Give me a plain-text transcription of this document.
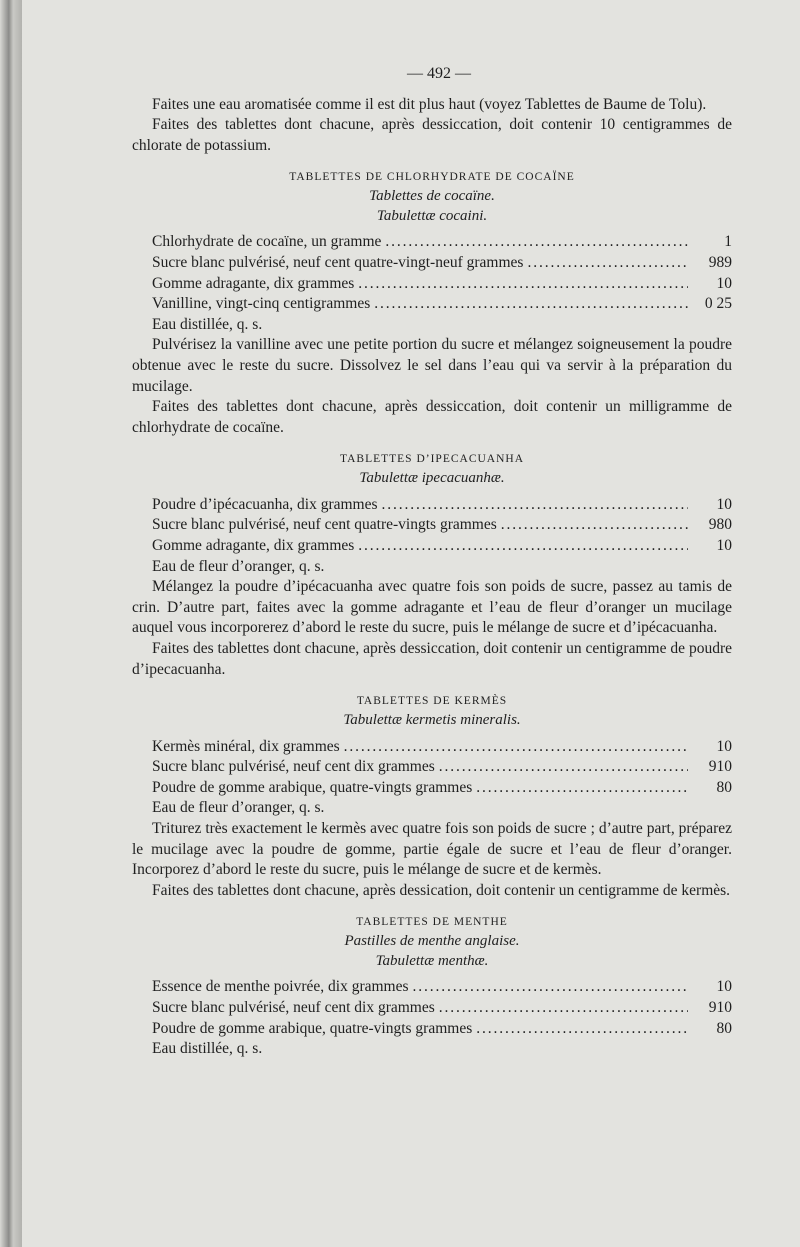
— 492 —

Faites une eau aromatisée comme il est dit plus haut (voyez Tablettes de Baume de Tolu).

Faites des tablettes dont chacune, après dessiccation, doit contenir 10 centigrammes de chlorate de potassium.

TABLETTES DE CHLORHYDRATE DE COCAÏNE
Tablettes de cocaïne.
Tabulettæ cocaini.
Chlorhydrate de cocaïne, un gramme . . .	1
Sucre blanc pulvérisé, neuf cent quatre-vingt-neuf grammes . . .	989
Gomme adragante, dix grammes . . .	10
Vanilline, vingt-cinq centigrammes . . .	0 25
Eau distillée, q. s.

Pulvérisez la vanilline avec une petite portion du sucre et mélangez soigneusement la poudre obtenue avec le reste du sucre. Dissolvez le sel dans l’eau qui va servir à la préparation du mucilage.

Faites des tablettes dont chacune, après dessiccation, doit contenir un milligramme de chlorhydrate de cocaïne.

TABLETTES D’IPECACUANHA
Tabulettæ ipecacuanhæ.
Poudre d’ipécacuanha, dix grammes . . .	10
Sucre blanc pulvérisé, neuf cent quatre-vingts grammes . . .	980
Gomme adragante, dix grammes . . .	10
Eau de fleur d’oranger, q. s.

Mélangez la poudre d’ipécacuanha avec quatre fois son poids de sucre, passez au tamis de crin. D’autre part, faites avec la gomme adragante et l’eau de fleur d’oranger un mucilage auquel vous incorporerez d’abord le reste du sucre, puis le mélange de sucre et d’ipécacuanha.

Faites des tablettes dont chacune, après dessiccation, doit contenir un centigramme de poudre d’ipecacuanha.

TABLETTES DE KERMÈS
Tabulettæ kermetis mineralis.
Kermès minéral, dix grammes . . .	10
Sucre blanc pulvérisé, neuf cent dix grammes . . .	910
Poudre de gomme arabique, quatre-vingts grammes . . .	80
Eau de fleur d’oranger, q. s.

Triturez très exactement le kermès avec quatre fois son poids de sucre ; d’autre part, préparez le mucilage avec la poudre de gomme, partie égale de sucre et l’eau de fleur d’oranger. Incorporez d’abord le reste du sucre, puis le mélange de sucre et de kermès.

Faites des tablettes dont chacune, après dessication, doit contenir un centigramme de kermès.

TABLETTES DE MENTHE
Pastilles de menthe anglaise.
Tabulettæ menthæ.
Essence de menthe poivrée, dix grammes . . .	10
Sucre blanc pulvérisé, neuf cent dix grammes . . .	910
Poudre de gomme arabique, quatre-vingts grammes . . .	80
Eau distillée, q. s.
